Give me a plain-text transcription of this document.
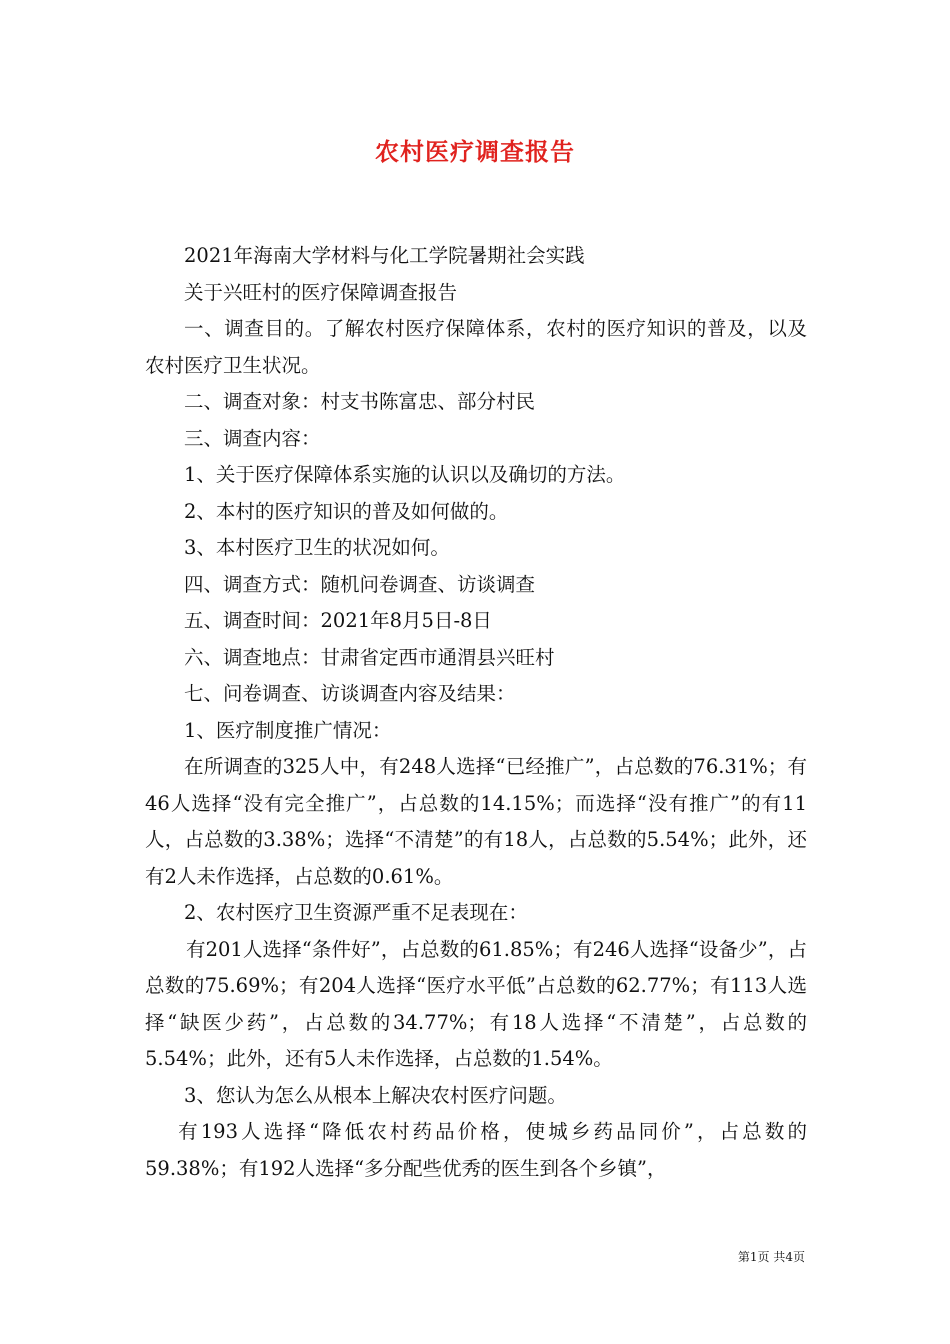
农村医疗调查报告

2021年海南大学材料与化工学院暑期社会实践

关于兴旺村的医疗保障调查报告

一、调查目的。了解农村医疗保障体系，农村的医疗知识的普及，以及农村医疗卫生状况。

二、调查对象：村支书陈富忠、部分村民

三、调查内容：

1、关于医疗保障体系实施的认识以及确切的方法。

2、本村的医疗知识的普及如何做的。

3、本村医疗卫生的状况如何。

四、调查方式：随机问卷调查、访谈调查

五、调查时间：2021年8月5日-8日

六、调查地点：甘肃省定西市通渭县兴旺村

七、问卷调查、访谈调查内容及结果：

1、医疗制度推广情况：

在所调查的325人中，有248人选择“已经推广”，占总数的76.31%；有46人选择“没有完全推广”，占总数的14.15%；而选择“没有推广”的有11人，占总数的3.38%；选择“不清楚”的有18人，占总数的5.54%；此外，还有2人未作选择，占总数的0.61%。

2、农村医疗卫生资源严重不足表现在：

有201人选择“条件好”，占总数的61.85%；有246人选择“设备少”，占总数的75.69%；有204人选择“医疗水平低”占总数的62.77%；有113人选择“缺医少药”，占总数的34.77%；有18人选择“不清楚”，占总数的5.54%；此外，还有5人未作选择，占总数的1.54%。

3、您认为怎么从根本上解决农村医疗问题。

有193人选择“降低农村药品价格，使城乡药品同价”，占总数的59.38%；有192人选择“多分配些优秀的医生到各个乡镇”，

第1页 共4页
